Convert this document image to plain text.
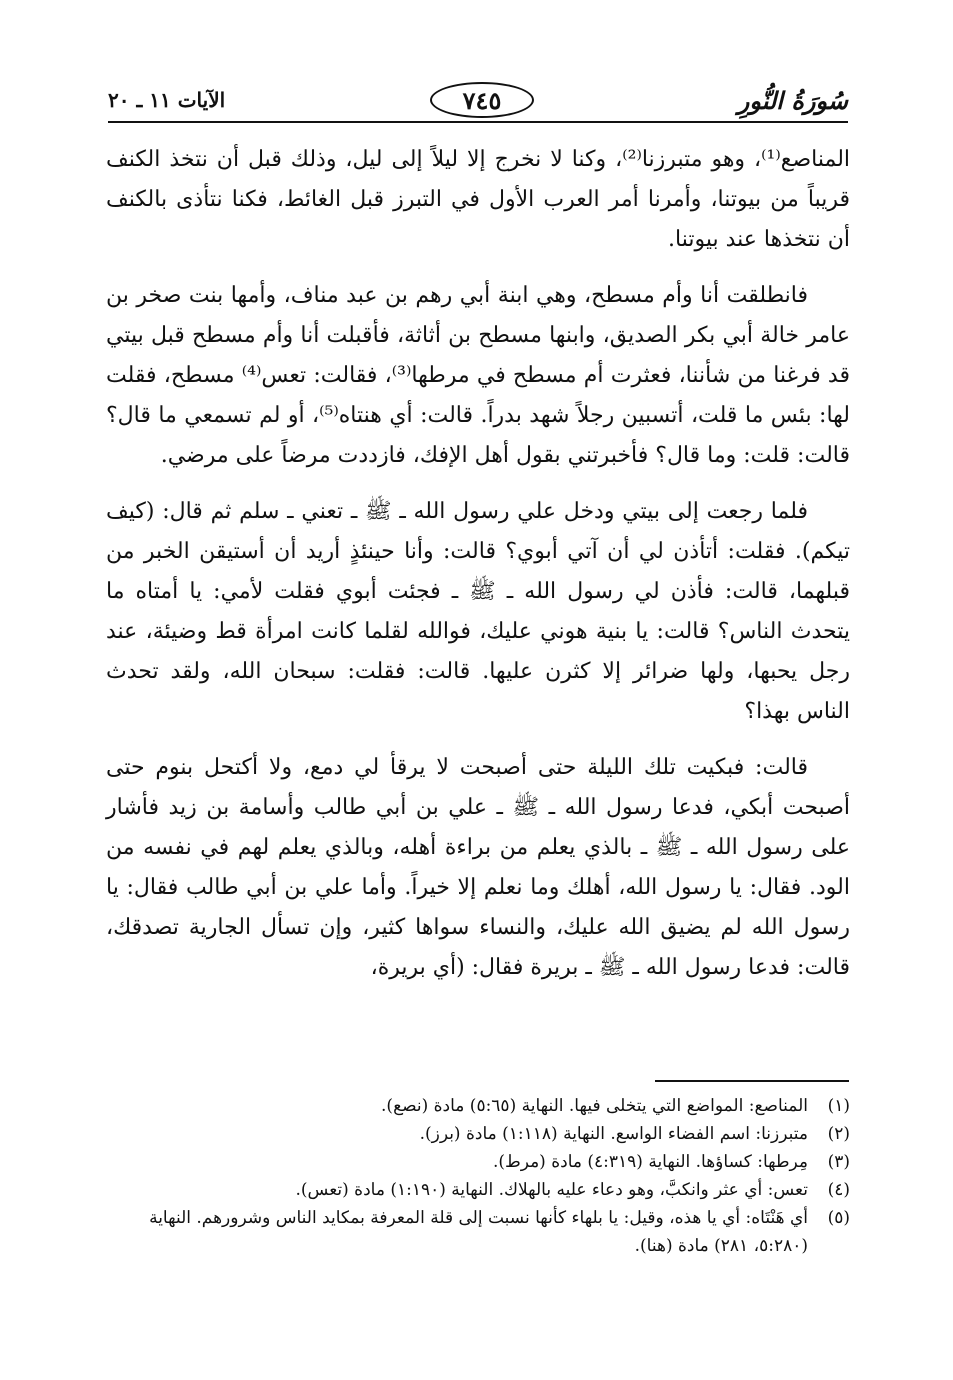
سُورَةُ النُّورِ
٧٤٥
الآيات ١١ ـ ٢٠

المناصع⁽¹⁾، وهو متبرزنا⁽²⁾، وكنا لا نخرج إلا ليلاً إلى ليل، وذلك قبل أن نتخذ الكنف قريباً من بيوتنا، وأمرنا أمر العرب الأول في التبرز قبل الغائط، فكنا نتأذى بالكنف أن نتخذها عند بيوتنا.

فانطلقت أنا وأم مسطح، وهي ابنة أبي رهم بن عبد مناف، وأمها بنت صخر بن عامر خالة أبي بكر الصديق، وابنها مسطح بن أثاثة، فأقبلت أنا وأم مسطح قبل بيتي قد فرغنا من شأننا، فعثرت أم مسطح في مرطها⁽³⁾، فقالت: تعس⁽⁴⁾ مسطح، فقلت لها: بئس ما قلت، أتسبين رجلاً شهد بدراً. قالت: أي هنتاه⁽⁵⁾، أو لم تسمعي ما قال؟ قالت: قلت: وما قال؟ فأخبرتني بقول أهل الإفك، فازددت مرضاً على مرضي.

فلما رجعت إلى بيتي ودخل علي رسول الله ـ ﷺ ـ تعني ـ سلم ثم قال: (كيف تيكم). فقلت: أتأذن لي أن آتي أبوي؟ قالت: وأنا حينئذٍ أريد أن أستيقن الخبر من قبلهما، قالت: فأذن لي رسول الله ـ ﷺ ـ فجئت أبوي فقلت لأمي: يا أمتاه ما يتحدث الناس؟ قالت: يا بنية هوني عليك، فوالله لقلما كانت امرأة قط وضيئة، عند رجل يحبها، ولها ضرائر إلا كثرن عليها. قالت: فقلت: سبحان الله، ولقد تحدث الناس بهذا؟

قالت: فبكيت تلك الليلة حتى أصبحت لا يرقأ لي دمع، ولا أكتحل بنوم حتى أصبحت أبكي، فدعا رسول الله ـ ﷺ ـ علي بن أبي طالب وأسامة بن زيد فأشار على رسول الله ـ ﷺ ـ بالذي يعلم من براءة أهله، وبالذي يعلم لهم في نفسه من الود. فقال: يا رسول الله، أهلك وما نعلم إلا خيراً. وأما علي بن أبي طالب فقال: يا رسول الله لم يضيق الله عليك، والنساء سواها كثير، وإن تسأل الجارية تصدقك، قالت: فدعا رسول الله ـ ﷺ ـ بريرة فقال: (أي بريرة،

(١)
المناصع: المواضع التي يتخلى فيها. النهاية (٥:٦٥) مادة (نصع).
(٢)
متبرزنا: اسم الفضاء الواسع. النهاية (١:١١٨) مادة (برز).
(٣)
مِرطها: كساؤها. النهاية (٤:٣١٩) مادة (مرط).
(٤)
تعس: أي عثر وانكبَّ، وهو دعاء عليه بالهلاك. النهاية (١:١٩٠) مادة (تعس).
(٥)
أي هَنْتَاه: أي يا هذه، وقيل: يا بلهاء كأنها نسبت إلى قلة المعرفة بمكايد الناس وشرورهم. النهاية (٥:٢٨٠، ٢٨١) مادة (هنا).
